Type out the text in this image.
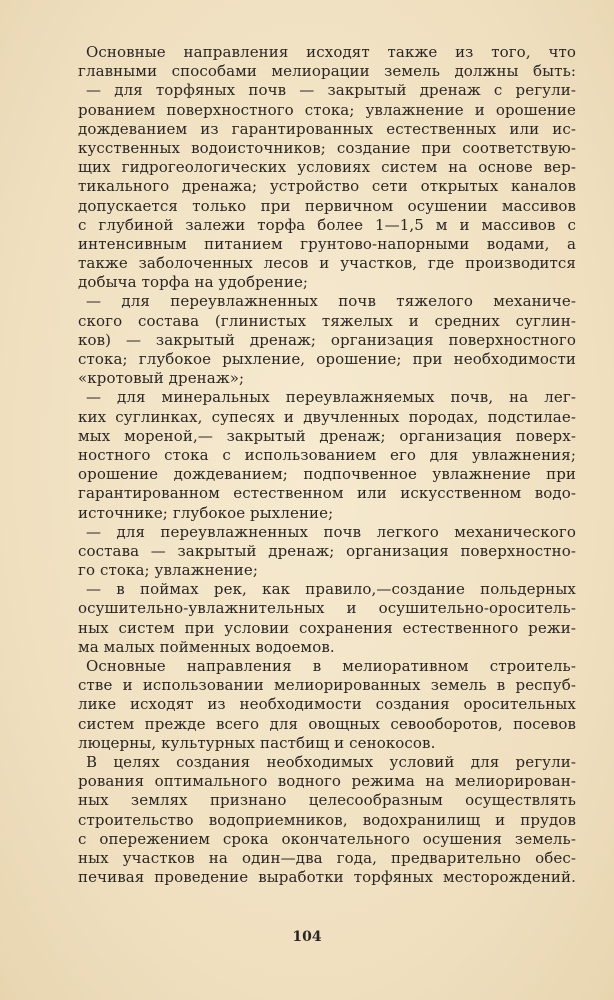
Основные направления исходят также из того, что
главными способами мелиорации земель должны быть:
— для торфяных почв — закрытый дренаж с регули-
рованием поверхностного стока; увлажнение и орошение
дождеванием из гарантированных естественных или ис-
кусственных водоисточников; создание при соответствую-
щих гидрогеологических условиях систем на основе вер-
тикального дренажа; устройство сети открытых каналов
допускается только при первичном осушении массивов
с глубиной залежи торфа более 1—1,5 м и массивов с
интенсивным питанием грунтово-напорными водами, а
также заболоченных лесов и участков, где производится
добыча торфа на удобрение;
— для переувлажненных почв тяжелого механиче-
ского состава (глинистых тяжелых и средних суглин-
ков) — закрытый дренаж; организация поверхностного
стока; глубокое рыхление, орошение; при необходимости
«кротовый дренаж»;
— для минеральных переувлажняемых почв, на лег-
ких суглинках, супесях и двучленных породах, подстилае-
мых мореной,— закрытый дренаж; организация поверх-
ностного стока с использованием его для увлажнения;
орошение дождеванием; подпочвенное увлажнение при
гарантированном естественном или искусственном водо-
источнике; глубокое рыхление;
— для переувлажненных почв легкого механического
состава — закрытый дренаж; организация поверхностно-
го стока; увлажнение;
— в поймах рек, как правило,—создание польдерных
осушительно-увлажнительных и осушительно-ороситель-
ных систем при условии сохранения естественного режи-
ма малых пойменных водоемов.
Основные направления в мелиоративном строитель-
стве и использовании мелиорированных земель в респуб-
лике исходят из необходимости создания оросительных
систем прежде всего для овощных севооборотов, посевов
люцерны, культурных пастбищ и сенокосов.
В целях создания необходимых условий для регули-
рования оптимального водного режима на мелиорирован-
ных землях признано целесообразным осуществлять
строительство водоприемников, водохранилищ и прудов
с опережением срока окончательного осушения земель-
ных участков на один—два года, предварительно обес-
печивая проведение выработки торфяных месторождений.
104
